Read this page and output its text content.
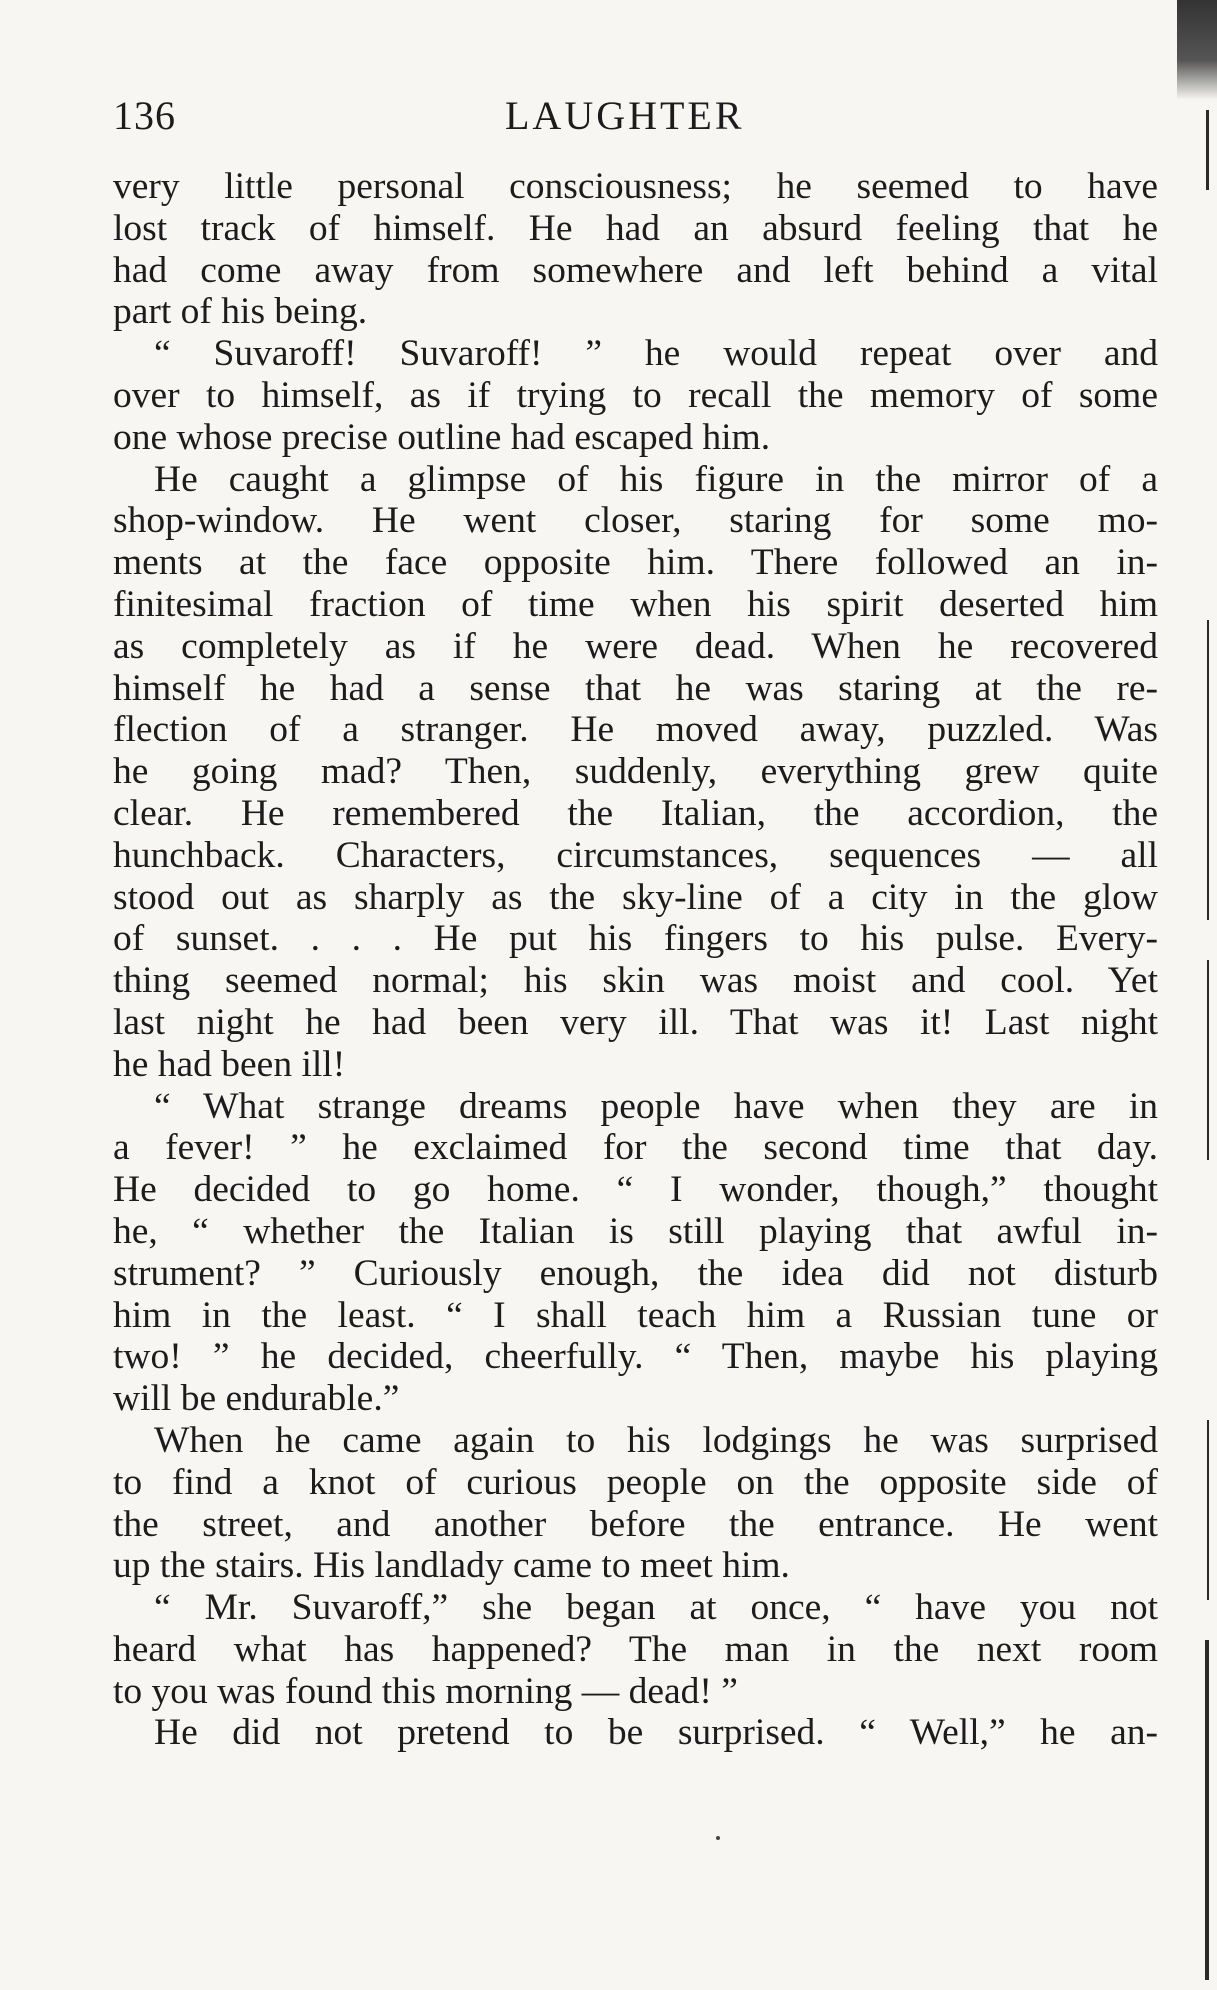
136	LAUGHTER
very little personal consciousness; he seemed to have
lost track of himself. He had an absurd feeling that he
had come away from somewhere and left behind a vital
part of his being.
“ Suvaroff! Suvaroff! ” he would repeat over and
over to himself, as if trying to recall the memory of some
one whose precise outline had escaped him.
He caught a glimpse of his figure in the mirror of a
shop-window. He went closer, staring for some mo-
ments at the face opposite him. There followed an in-
finitesimal fraction of time when his spirit deserted him
as completely as if he were dead. When he recovered
himself he had a sense that he was staring at the re-
flection of a stranger. He moved away, puzzled. Was
he going mad? Then, suddenly, everything grew quite
clear. He remembered the Italian, the accordion, the
hunchback. Characters, circumstances, sequences — all
stood out as sharply as the sky-line of a city in the glow
of sunset. . . . He put his fingers to his pulse. Every-
thing seemed normal; his skin was moist and cool. Yet
last night he had been very ill. That was it! Last night
he had been ill!
“ What strange dreams people have when they are in
a fever! ” he exclaimed for the second time that day.
He decided to go home. “ I wonder, though,” thought
he, “ whether the Italian is still playing that awful in-
strument? ” Curiously enough, the idea did not disturb
him in the least. “ I shall teach him a Russian tune or
two! ” he decided, cheerfully. “ Then, maybe his playing
will be endurable.”
When he came again to his lodgings he was surprised
to find a knot of curious people on the opposite side of
the street, and another before the entrance. He went
up the stairs. His landlady came to meet him.
“ Mr. Suvaroff,” she began at once, “ have you not
heard what has happened? The man in the next room
to you was found this morning — dead! ”
He did not pretend to be surprised. “ Well,” he an-
